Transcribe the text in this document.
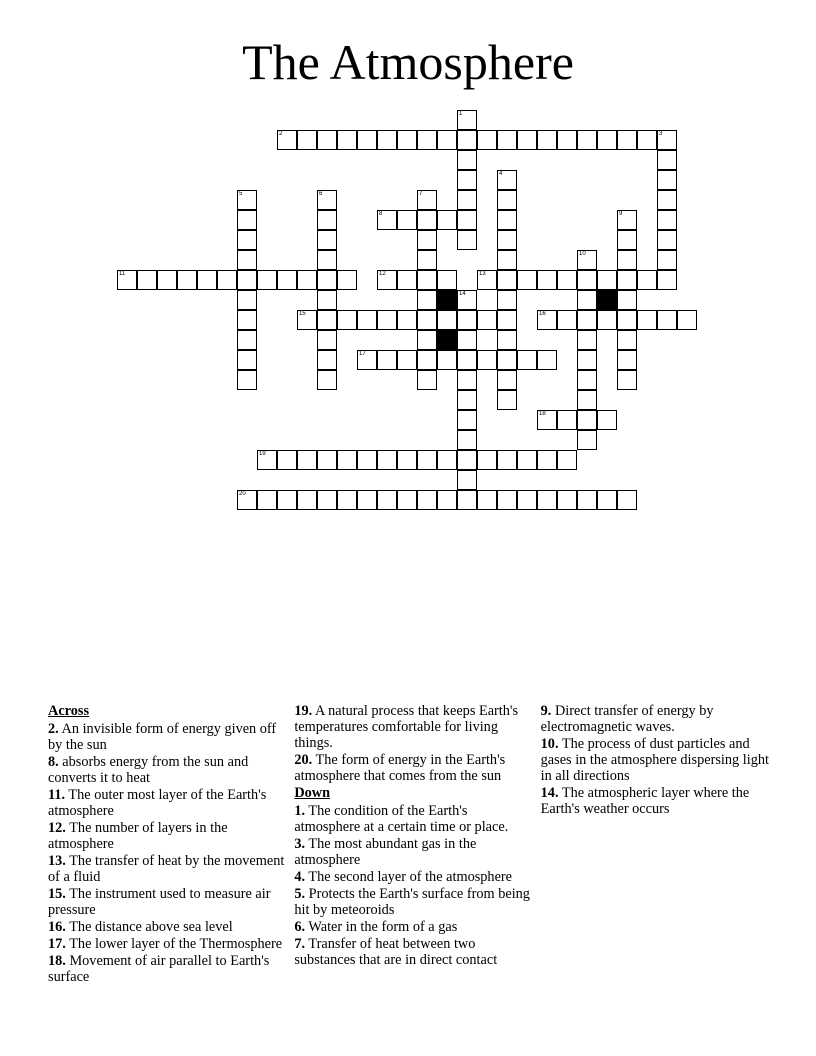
The Atmosphere
2	3
8
11	12	13
15	16
17
18
19
20
1
4
5	6	7
9
10
14
Across
2. An invisible form of energy given off by the sun
8. absorbs energy from the sun and converts it to heat
11. The outer most layer of the Earth's atmosphere
12. The number of layers in the atmosphere
13. The transfer of heat by the movement of a fluid
15. The instrument used to measure air pressure
16. The distance above sea level
17. The lower layer of the Thermosphere
18. Movement of air parallel to Earth's surface
19. A natural process that keeps Earth's temperatures comfortable for living things.
20. The form of energy in the Earth's atmosphere that comes from the sun
Down
1. The condition of the Earth's atmosphere at a certain time or place.
3. The most abundant gas in the atmosphere
4. The second layer of the atmosphere
5. Protects the Earth's surface from being hit by meteoroids
6. Water in the form of a gas
7. Transfer of heat between two substances that are in direct contact
9. Direct transfer of energy by electromagnetic waves.
10. The process of dust particles and gases in the atmosphere dispersing light in all directions
14. The atmospheric layer where the Earth's weather occurs
